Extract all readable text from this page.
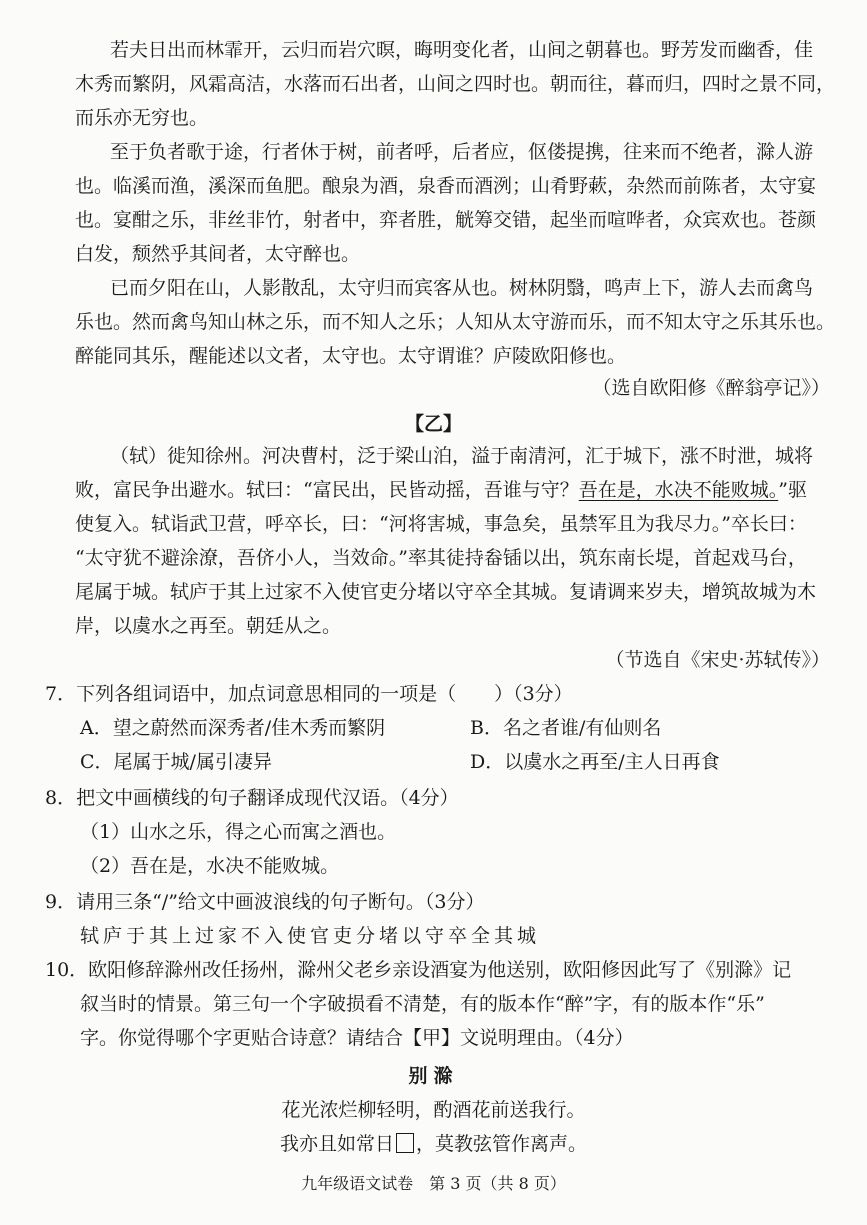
若夫日出而林霏开，云归而岩穴暝，晦明变化者，山间之朝暮也。野芳发而幽香，佳
木秀而繁阴，风霜高洁，水落而石出者，山间之四时也。朝而往，暮而归，四时之景不同，
而乐亦无穷也。
至于负者歌于途，行者休于树，前者呼，后者应，伛偻提携，往来而不绝者，滁人游
也。临溪而渔，溪深而鱼肥。酿泉为酒，泉香而酒洌；山肴野蔌，杂然而前陈者，太守宴
也。宴酣之乐，非丝非竹，射者中，弈者胜，觥筹交错，起坐而喧哗者，众宾欢也。苍颜
白发，颓然乎其间者，太守醉也。
已而夕阳在山，人影散乱，太守归而宾客从也。树林阴翳，鸣声上下，游人去而禽鸟
乐也。然而禽鸟知山林之乐，而不知人之乐；人知从太守游而乐，而不知太守之乐其乐也。
醉能同其乐，醒能述以文者，太守也。太守谓谁？庐陵欧阳修也。
（选自欧阳修《醉翁亭记》）
【乙】
（轼）徙知徐州。河决曹村，泛于梁山泊，溢于南清河，汇于城下，涨不时泄，城将
败，富民争出避水。轼曰：“富民出，民皆动摇，吾谁与守？吾在是，水决不能败城。”驱
使复入。轼诣武卫营，呼卒长，曰：“河将害城，事急矣，虽禁军且为我尽力。”卒长曰：
“太守犹不避涂潦，吾侪小人，当效命。”率其徒持畚锸以出，筑东南长堤，首起戏马台，
尾属于城。轼庐于其上过家不入使官吏分堵以守卒全其城。复请调来岁夫，增筑故城为木
岸，以虞水之再至。朝廷从之。
（节选自《宋史·苏轼传》）
7．下列各组词语中，加点词意思相同的一项是（　　）（3分）
A．望之蔚然而深秀者/佳木秀而繁阴	B．名之者谁/有仙则名
C．尾属于城/属引凄异	D．以虞水之再至/主人日再食
8．把文中画横线的句子翻译成现代汉语。（4分）
（1）山水之乐，得之心而寓之酒也。
（2）吾在是，水决不能败城。
9．请用三条“/”给文中画波浪线的句子断句。（3分）
轼庐于其上过家不入使官吏分堵以守卒全其城
10．欧阳修辞滁州改任扬州，滁州父老乡亲设酒宴为他送别，欧阳修因此写了《别滁》记
叙当时的情景。第三句一个字破损看不清楚，有的版本作“醉”字，有的版本作“乐”
字。你觉得哪个字更贴合诗意？请结合【甲】文说明理由。（4分）
别滁
花光浓烂柳轻明，酌酒花前送我行。
我亦且如常日 ，莫教弦管作离声。
九年级语文试卷　第 3 页（共 8 页）
